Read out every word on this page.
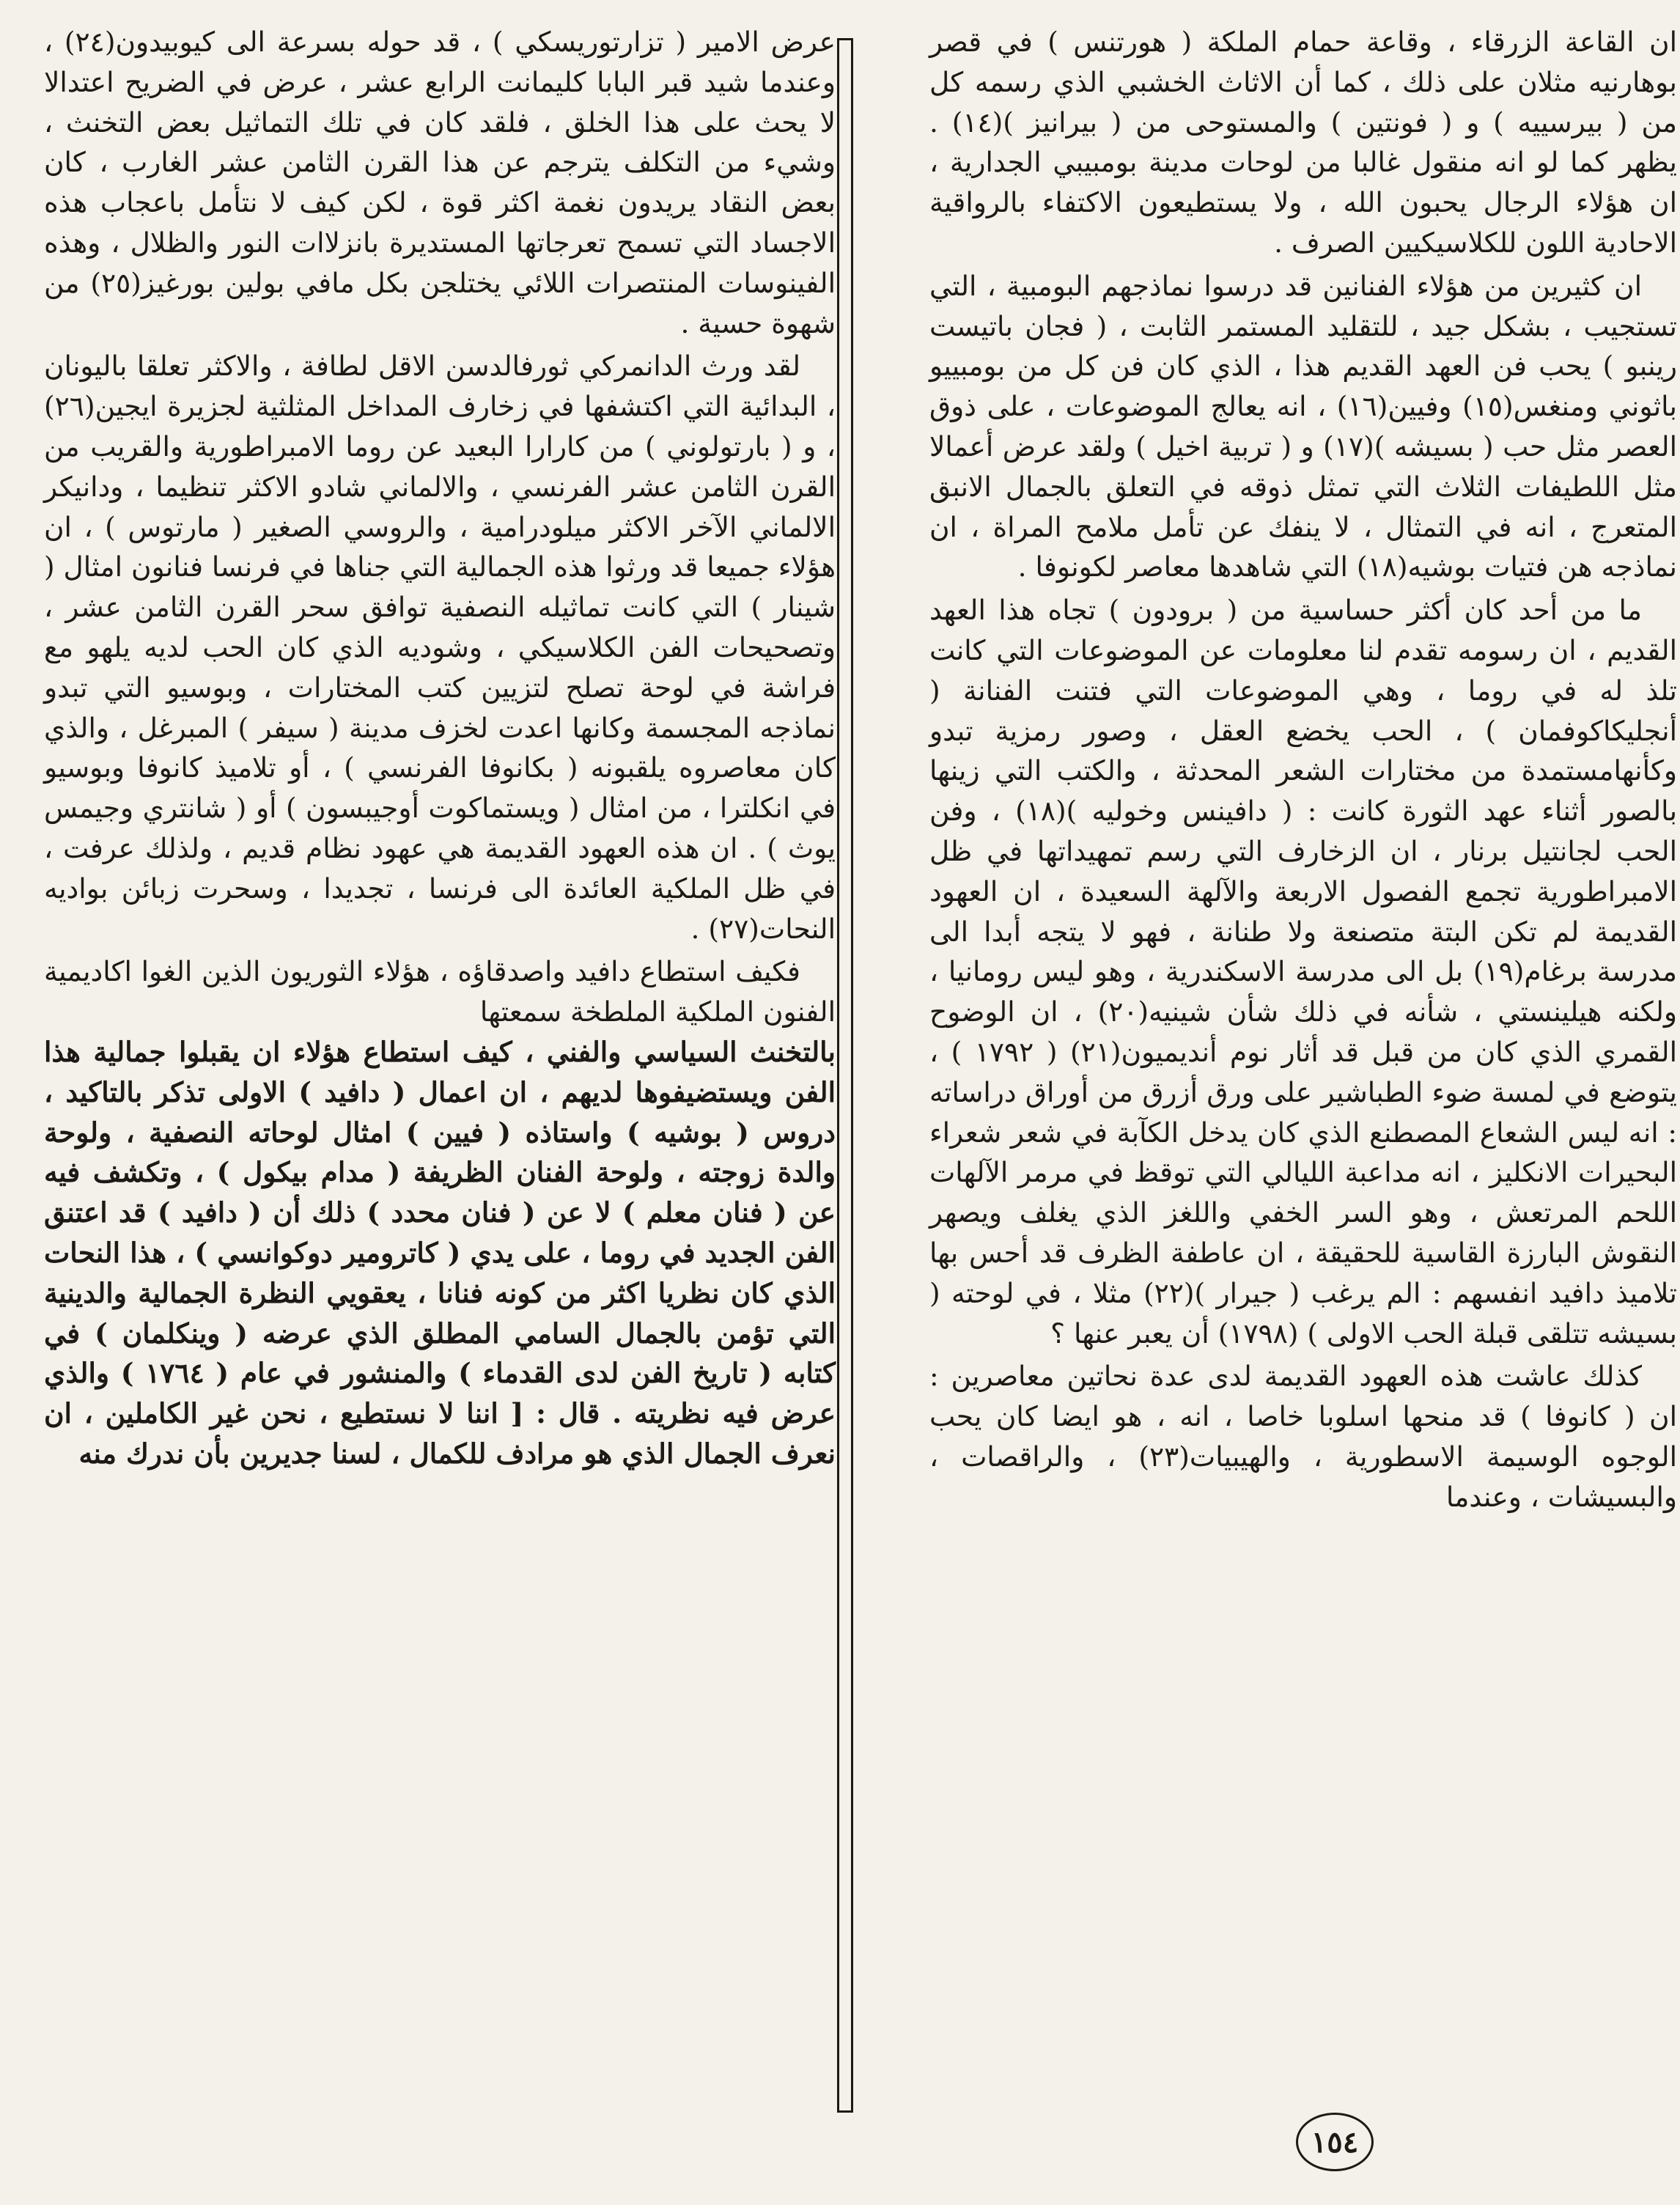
عرض الامير ( تزارتوريسكي ) ، قد حوله بسرعة الى كيوبيدون(٢٤) ، وعندما شيد قبر البابا كليمانت الرابع عشر ، عرض في الضريح اعتدالا لا يحث على هذا الخلق ، فلقد كان في تلك التماثيل بعض التخنث ، وشيء من التكلف يترجم عن هذا القرن الثامن عشر الغارب ، كان بعض النقاد يريدون نغمة اكثر قوة ، لكن كيف لا نتأمل باعجاب هذه الاجساد التي تسمح تعرجاتها المستديرة بانزلاات النور والظلال ، وهذه الفينوسات المنتصرات اللائي يختلجن بكل مافي بولين بورغيز(٢٥) من شهوة حسية .

لقد ورث الدانمركي ثورفالدسن الاقل لطافة ، والاكثر تعلقا باليونان ، البدائية التي اكتشفها في زخارف المداخل المثلثية لجزيرة ايجين(٢٦) ، و ( بارتولوني ) من كارارا البعيد عن روما الامبراطورية والقريب من القرن الثامن عشر الفرنسي ، والالماني شادو الاكثر تنظيما ، ودانيكر الالماني الآخر الاكثر ميلودرامية ، والروسي الصغير ( مارتوس ) ، ان هؤلاء جميعا قد ورثوا هذه الجمالية التي جناها في فرنسا فنانون امثال ( شينار ) التي كانت تماثيله النصفية توافق سحر القرن الثامن عشر ، وتصحيحات الفن الكلاسيكي ، وشوديه الذي كان الحب لديه يلهو مع فراشة في لوحة تصلح لتزيين كتب المختارات ، وبوسيو التي تبدو نماذجه المجسمة وكانها اعدت لخزف مدينة ( سيفر ) المبرغل ، والذي كان معاصروه يلقبونه ( بكانوفا الفرنسي ) ، أو تلاميذ كانوفا وبوسيو في انكلترا ، من امثال ( ويستماكوت أوجيبسون ) أو ( شانتري وجيمس يوث ) . ان هذه العهود القديمة هي عهود نظام قديم ، ولذلك عرفت ، في ظل الملكية العائدة الى فرنسا ، تجديدا ، وسحرت زبائن بواديه النحات(٢٧) .

فكيف استطاع دافيد واصدقاؤه ، هؤلاء الثوريون الذين الغوا اكاديمية الفنون الملكية الملطخة سمعتها

بالتخنث السياسي والفني ، كيف استطاع هؤلاء ان يقبلوا جمالية هذا الفن ويستضيفوها لديهم ، ان اعمال ( دافيد ) الاولى تذكر بالتاكيد ، دروس ( بوشيه ) واستاذه ( فيين ) امثال لوحاته النصفية ، ولوحة والدة زوجته ، ولوحة الفنان الظريفة ( مدام بيكول ) ، وتكشف فيه عن ( فنان معلم ) لا عن ( فنان محدد ) ذلك أن ( دافيد ) قد اعتنق الفن الجديد في روما ، على يدي ( كاترومير دوكوانسي ) ، هذا النحات الذي كان نظريا اكثر من كونه فنانا ، يعقويي النظرة الجمالية والدينية التي تؤمن بالجمال السامي المطلق الذي عرضه ( وينكلمان ) في كتابه ( تاريخ الفن لدى القدماء ) والمنشور في عام ( ١٧٦٤ ) والذي عرض فيه نظريته . قال : [ اننا لا نستطيع ، نحن غير الكاملين ، ان نعرف الجمال الذي هو مرادف للكمال ، لسنا جديرين بأن ندرك منه

ان القاعة الزرقاء ، وقاعة حمام الملكة ( هورتنس ) في قصر بوهارنيه مثلان على ذلك ، كما أن الاثاث الخشبي الذي رسمه كل من ( بيرسييه ) و ( فونتين ) والمستوحى من ( بيرانيز )(١٤) . يظهر كما لو انه منقول غالبا من لوحات مدينة بومبيبي الجدارية ، ان هؤلاء الرجال يحبون الله ، ولا يستطيعون الاكتفاء بالرواقية الاحادية اللون للكلاسيكيين الصرف .

ان كثيرين من هؤلاء الفنانين قد درسوا نماذجهم البومبية ، التي تستجيب ، بشكل جيد ، للتقليد المستمر الثابت ، ( فجان باتيست رينبو ) يحب فن العهد القديم هذا ، الذي كان فن كل من بومبييو باثوني ومنغس(١٥) وفيين(١٦) ، انه يعالج الموضوعات ، على ذوق العصر مثل حب ( بسيشه )(١٧) و ( تربية اخيل ) ولقد عرض أعمالا مثل اللطيفات الثلاث التي تمثل ذوقه في التعلق بالجمال الانبق المتعرج ، انه في التمثال ، لا ينفك عن تأمل ملامح المراة ، ان نماذجه هن فتيات بوشيه(١٨) التي شاهدها معاصر لكونوفا .

ما من أحد كان أكثر حساسية من ( برودون ) تجاه هذا العهد القديم ، ان رسومه تقدم لنا معلومات عن الموضوعات التي كانت تلذ له في روما ، وهي الموضوعات التي فتنت الفنانة ( أنجليكاكوفمان ) ، الحب يخضع العقل ، وصور رمزية تبدو وكأنهامستمدة من مختارات الشعر المحدثة ، والكتب التي زينها بالصور أثناء عهد الثورة كانت : ( دافينس وخوليه )(١٨) ، وفن الحب لجانتيل برنار ، ان الزخارف التي رسم تمهيداتها في ظل الامبراطورية تجمع الفصول الاربعة والآلهة السعيدة ، ان العهود القديمة لم تكن البتة متصنعة ولا طنانة ، فهو لا يتجه أبدا الى مدرسة برغام(١٩) بل الى مدرسة الاسكندرية ، وهو ليس رومانيا ، ولكنه هيلينستي ، شأنه في ذلك شأن شينيه(٢٠) ، ان الوضوح القمري الذي كان من قبل قد أثار نوم أنديميون(٢١) ( ١٧٩٢ ) ، يتوضع في لمسة ضوء الطباشير على ورق أزرق من أوراق دراساته : انه ليس الشعاع المصطنع الذي كان يدخل الكآبة في شعر شعراء البحيرات الانكليز ، انه مداعبة الليالي التي توقظ في مرمر الآلهات اللحم المرتعش ، وهو السر الخفي واللغز الذي يغلف ويصهر النقوش البارزة القاسية للحقيقة ، ان عاطفة الظرف قد أحس بها تلاميذ دافيد انفسهم : الم يرغب ( جيرار )(٢٢) مثلا ، في لوحته ( بسيشه تتلقى قبلة الحب الاولى ) (١٧٩٨) أن يعبر عنها ؟

كذلك عاشت هذه العهود القديمة لدى عدة نحاتين معاصرين : ان ( كانوفا ) قد منحها اسلوبا خاصا ، انه ، هو ايضا كان يحب الوجوه الوسيمة الاسطورية ، والهيبيات(٢٣) ، والراقصات ، والبسيشات ، وعندما

١٥٤
